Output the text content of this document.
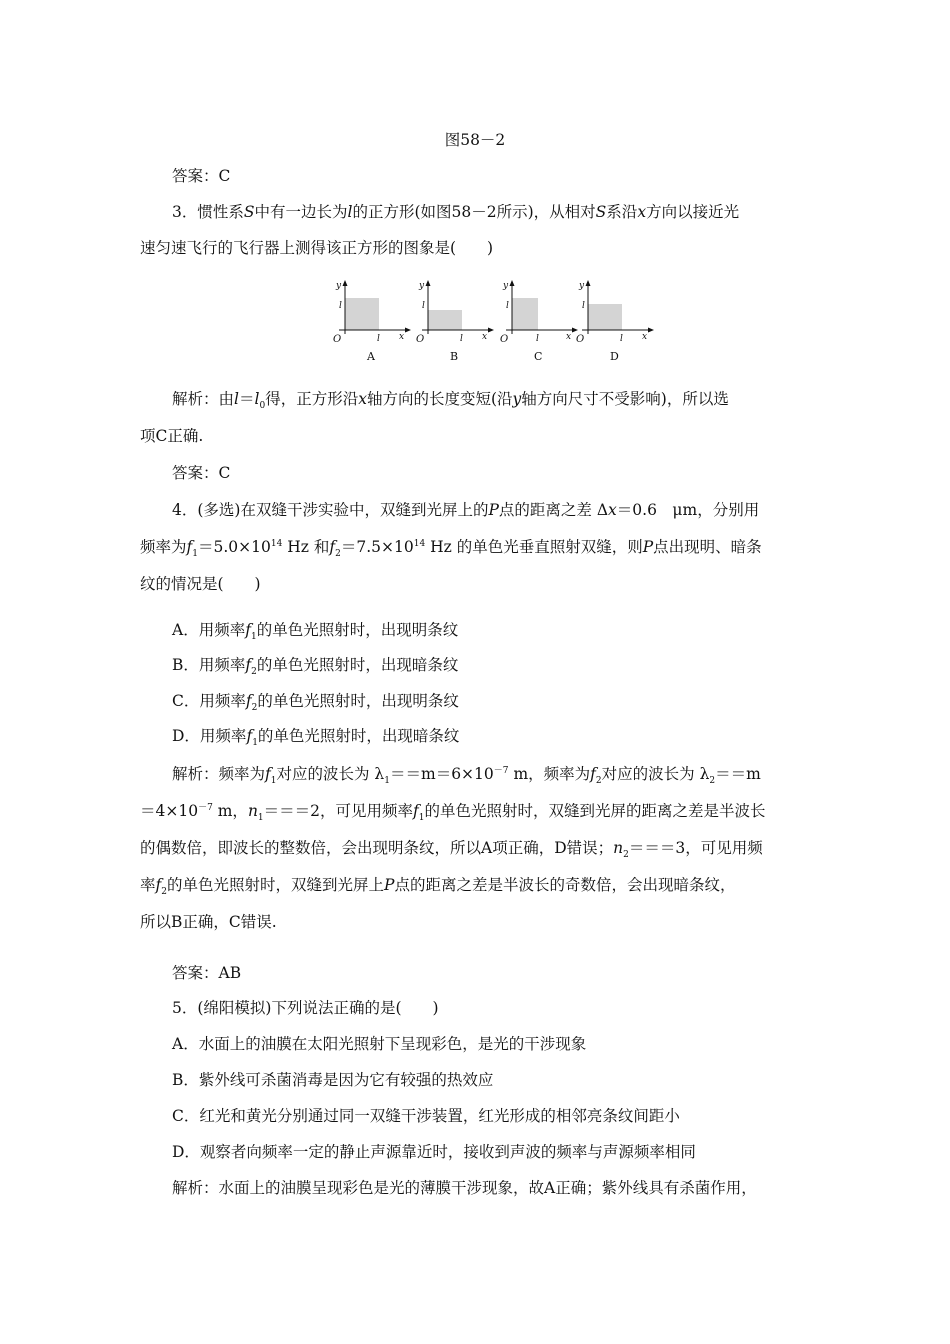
图58－2
答案：C
3．惯性系S中有一边长为l的正方形(如图58－2所示)，从相对S系沿x方向以接近光
速匀速飞行的飞行器上测得该正方形的图象是(　　)
y
l
x
O	l
A
y
l
x
O	l
B
y
l
x
O	l
C
y
l
x
O	l
D
解析：由$l=l_0$得，正方形沿x轴方向的长度变短(沿y轴方向尺寸不受影响)，所以选
项C正确.
答案：C
4．(多选)在双缝干涉实验中，双缝到光屏上的P点的距离之差 Δx＝0.6　μm，分别用
频率为$f_1=5.0\times 10^{14}$ Hz 和$f_2=7.5\times 10^{14}$ Hz 的单色光垂直照射双缝，则P点出现明、暗条
纹的情况是(　　)
A．用频率$f_1$的单色光照射时，出现明条纹
B．用频率$f_2$的单色光照射时，出现暗条纹
C．用频率$f_2$的单色光照射时，出现明条纹
D．用频率$f_1$的单色光照射时，出现暗条纹
解析：频率为$f_1$对应的波长为 $\lambda_1==m=6\times 10^{-7}$ m，频率为$f_2$对应的波长为 $\lambda_2==m$
$=4\times 10^{-7}$ m，$n_1===2$，可见用频率$f_1$的单色光照射时，双缝到光屏的距离之差是半波长
的偶数倍，即波长的整数倍，会出现明条纹，所以A项正确，D错误；$n_2===3$，可见用频
率$f_2$的单色光照射时，双缝到光屏上P点的距离之差是半波长的奇数倍，会出现暗条纹，
所以B正确，C错误.
答案：AB
5．(绵阳模拟)下列说法正确的是(　　)
A．水面上的油膜在太阳光照射下呈现彩色，是光的干涉现象
B．紫外线可杀菌消毒是因为它有较强的热效应
C．红光和黄光分别通过同一双缝干涉装置，红光形成的相邻亮条纹间距小
D．观察者向频率一定的静止声源靠近时，接收到声波的频率与声源频率相同
解析：水面上的油膜呈现彩色是光的薄膜干涉现象，故A正确；紫外线具有杀菌作用，
